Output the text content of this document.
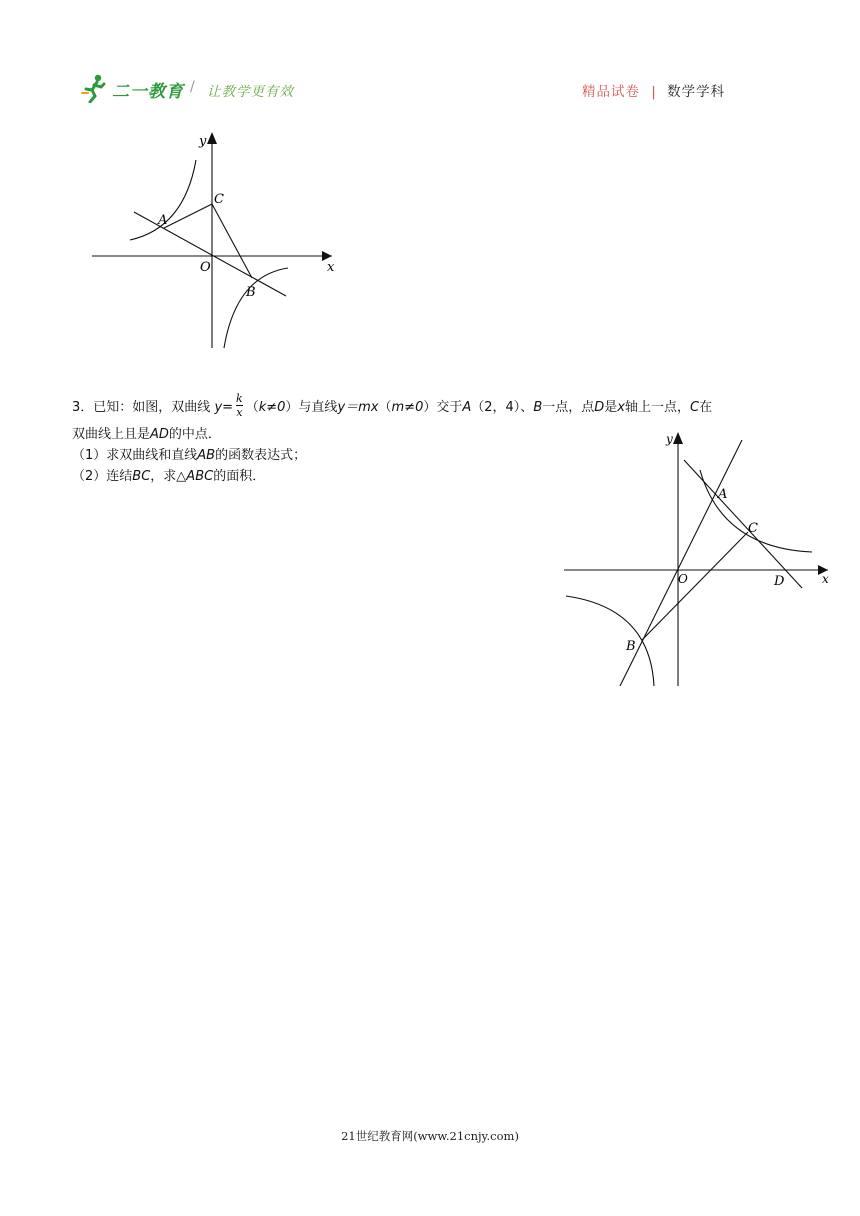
二一教育 / 让教学更有效	精品试卷 | 数学学科
y
x
O
A
C
B
3．已知：如图，双曲线 $y= \frac{k}{x} (k\ne 0)$与直线y＝mx（m≠0）交于A（2，4）、B一点，点D是x轴上一点，C在
双曲线上且是AD的中点．
（1）求双曲线和直线AB的函数表达式；
（2）连结BC，求△ABC的面积．
y
x
O
A
C
D
B
21世纪教育网(www.21cnjy.com)
